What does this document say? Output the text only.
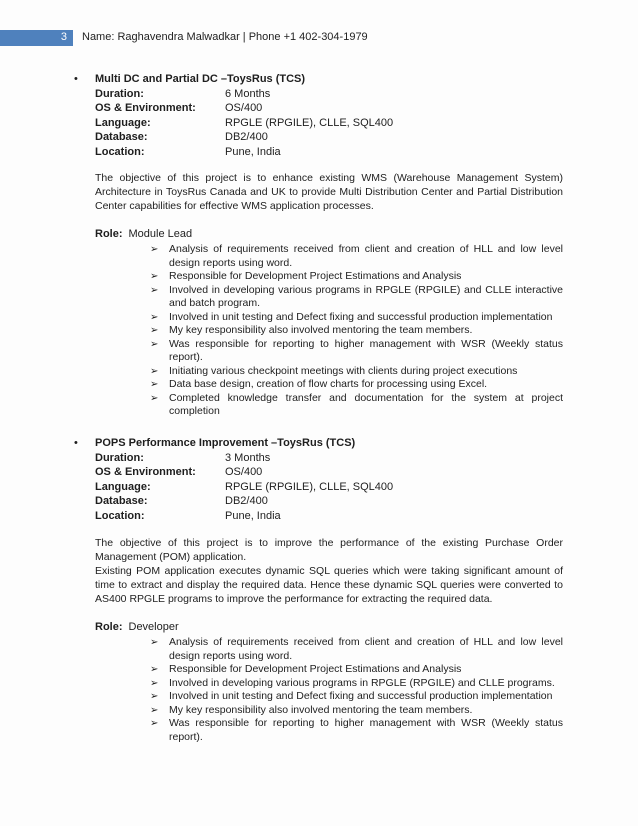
3 Name: Raghavendra Malwadkar | Phone +1 402-304-1979
• Multi DC and Partial DC –ToysRus (TCS)
Duration:	6 Months
OS & Environment:	OS/400
Language:	RPGLE (RPGILE), CLLE, SQL400
Database:	DB2/400
Location:	Pune, India
The objective of this project is to enhance existing WMS (Warehouse Management System) Architecture in ToysRus Canada and UK to provide Multi Distribution Center and Partial Distribution Center capabilities for effective WMS application processes.
Role: Module Lead
➢ Analysis of requirements received from client and creation of HLL and low level design reports using word.
➢ Responsible for Development Project Estimations and Analysis
➢ Involved in developing various programs in RPGLE (RPGILE) and CLLE interactive and batch program.
➢ Involved in unit testing and Defect fixing and successful production implementation
➢ My key responsibility also involved mentoring the team members.
➢ Was responsible for reporting to higher management with WSR (Weekly status report).
➢ Initiating various checkpoint meetings with clients during project executions
➢ Data base design, creation of flow charts for processing using Excel.
➢ Completed knowledge transfer and documentation for the system at project completion
• POPS Performance Improvement –ToysRus (TCS)
Duration:	3 Months
OS & Environment:	OS/400
Language:	RPGLE (RPGILE), CLLE, SQL400
Database:	DB2/400
Location:	Pune, India
The objective of this project is to improve the performance of the existing Purchase Order Management (POM) application.
Existing POM application executes dynamic SQL queries which were taking significant amount of time to extract and display the required data. Hence these dynamic SQL queries were converted to AS400 RPGLE programs to improve the performance for extracting the required data.
Role: Developer
➢ Analysis of requirements received from client and creation of HLL and low level design reports using word.
➢ Responsible for Development Project Estimations and Analysis
➢ Involved in developing various programs in RPGLE (RPGILE) and CLLE programs.
➢ Involved in unit testing and Defect fixing and successful production implementation
➢ My key responsibility also involved mentoring the team members.
➢ Was responsible for reporting to higher management with WSR (Weekly status report).
